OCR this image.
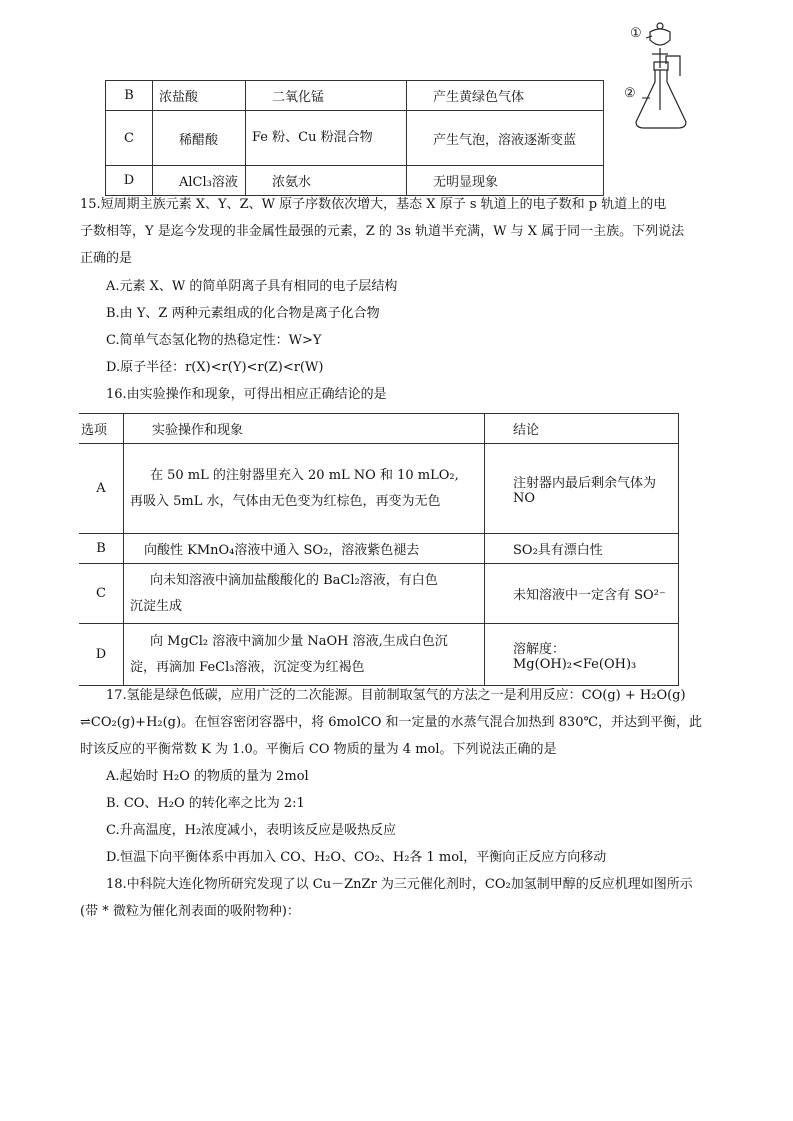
B	浓盐酸	二氧化锰	产生黄绿色气体
C	稀醋酸	Fe 粉、Cu 粉混合物	产生气泡，溶液逐渐变蓝
D	AlCl₃溶液	浓氨水	无明显现象
①
②
15.短周期主族元素 X、Y、Z、W 原子序数依次增大，基态 X 原子 s 轨道上的电子数和 p 轨道上的电
子数相等，Y 是迄今发现的非金属性最强的元素，Z 的 3s 轨道半充满，W 与 X 属于同一主族。下列说法
正确的是
A.元素 X、W 的简单阴离子具有相同的电子层结构
B.由 Y、Z 两种元素组成的化合物是离子化合物
C.简单气态氢化物的热稳定性：W>Y
D.原子半径：r(X)<r(Y)<r(Z)<r(W)
16.由实验操作和现象，可得出相应正确结论的是
选项	实验操作和现象	结论
A	在 50 mL 的注射器里充入 20 mL NO 和 10 mLO₂,
再吸入 5mL 水，气体由无色变为红棕色，再变为无色	注射器内最后剩余气体为 NO
B	向酸性 KMnO₄溶液中通入 SO₂，溶液紫色褪去	SO₂具有漂白性
C	向未知溶液中滴加盐酸酸化的 BaCl₂溶液，有白色
沉淀生成	未知溶液中一定含有 SO²⁻
D	向 MgCl₂ 溶液中滴加少量 NaOH 溶液,生成白色沉
淀，再滴加 FeCl₃溶液，沉淀变为红褐色	溶解度：Mg(OH)₂<Fe(OH)₃
17.氢能是绿色低碳，应用广泛的二次能源。目前制取氢气的方法之一是利用反应：CO(g) + H₂O(g)
⇌CO₂(g)+H₂(g)。在恒容密闭容器中，将 6molCO 和一定量的水蒸气混合加热到 830℃，并达到平衡，此
时该反应的平衡常数 K 为 1.0。平衡后 CO 物质的量为 4 mol。下列说法正确的是
A.起始时 H₂O 的物质的量为 2mol
B. CO、H₂O 的转化率之比为 2:1
C.升高温度，H₂浓度减小，表明该反应是吸热反应
D.恒温下向平衡体系中再加入 CO、H₂O、CO₂、H₂各 1 mol，平衡向正反应方向移动
18.中科院大连化物所研究发现了以 Cu－ZnZr 为三元催化剂时，CO₂加氢制甲醇的反应机理如图所示
(带 * 微粒为催化剂表面的吸附物种)：
